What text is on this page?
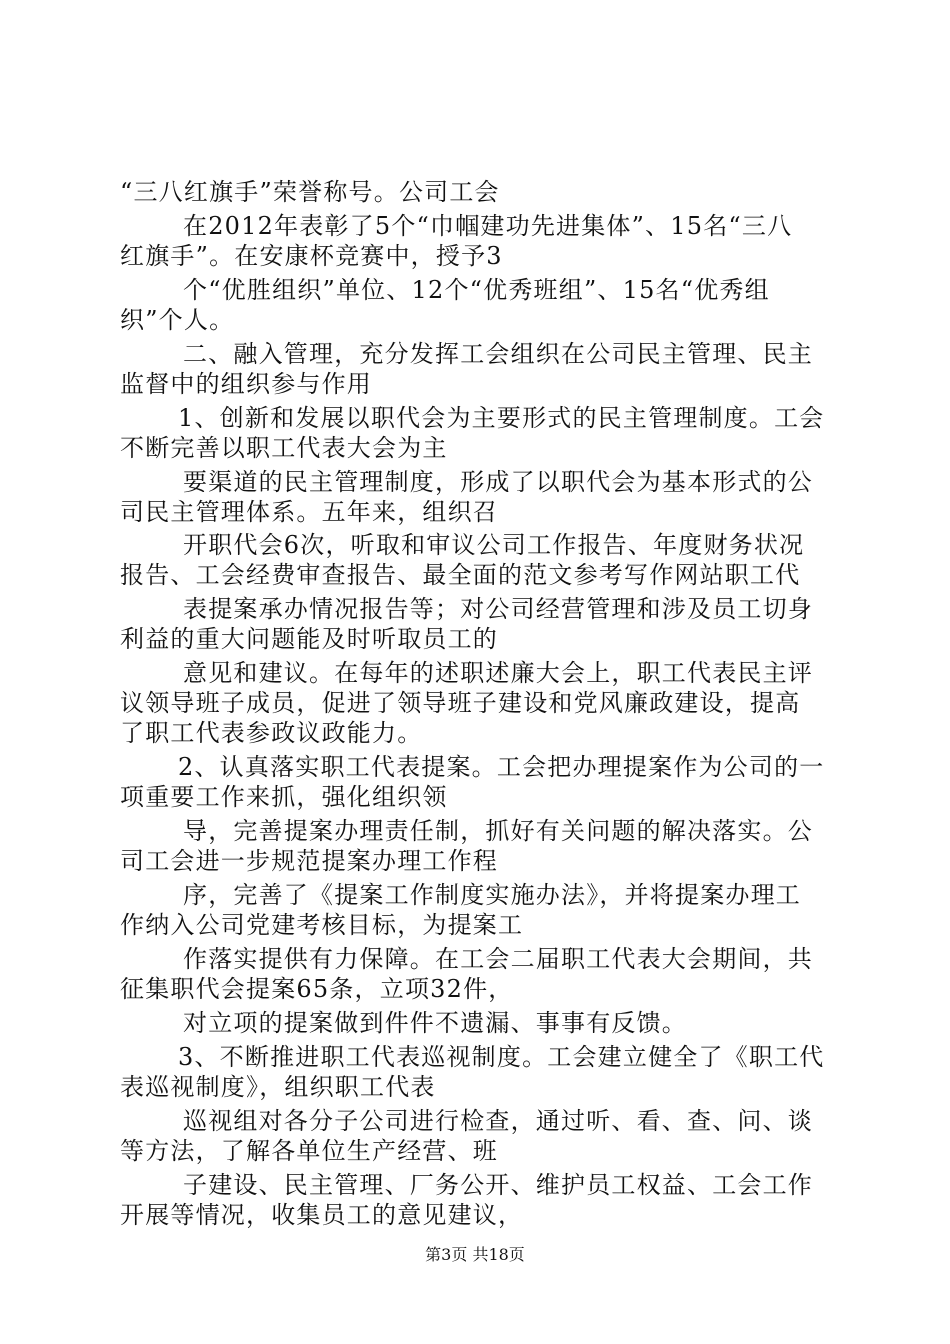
“三八红旗手”荣誉称号。公司工会
在2012年表彰了5个“巾帼建功先进集体”、15名“三八
红旗手”。在安康杯竞赛中，授予3
个“优胜组织”单位、12个“优秀班组”、15名“优秀组
织”个人。
二、融入管理，充分发挥工会组织在公司民主管理、民主
监督中的组织参与作用
1、创新和发展以职代会为主要形式的民主管理制度。工会
不断完善以职工代表大会为主
要渠道的民主管理制度，形成了以职代会为基本形式的公
司民主管理体系。五年来，组织召
开职代会6次，听取和审议公司工作报告、年度财务状况
报告、工会经费审查报告、最全面的范文参考写作网站职工代
表提案承办情况报告等；对公司经营管理和涉及员工切身
利益的重大问题能及时听取员工的
意见和建议。在每年的述职述廉大会上，职工代表民主评
议领导班子成员，促进了领导班子建设和党风廉政建设，提高
了职工代表参政议政能力。
2、认真落实职工代表提案。工会把办理提案作为公司的一
项重要工作来抓，强化组织领
导，完善提案办理责任制，抓好有关问题的解决落实。公
司工会进一步规范提案办理工作程
序，完善了《提案工作制度实施办法》，并将提案办理工
作纳入公司党建考核目标，为提案工
作落实提供有力保障。在工会二届职工代表大会期间，共
征集职代会提案65条，立项32件，
对立项的提案做到件件不遗漏、事事有反馈。
3、不断推进职工代表巡视制度。工会建立健全了《职工代
表巡视制度》，组织职工代表
巡视组对各分子公司进行检查，通过听、看、查、问、谈
等方法，了解各单位生产经营、班
子建设、民主管理、厂务公开、维护员工权益、工会工作
开展等情况，收集员工的意见建议，
第3页 共18页
